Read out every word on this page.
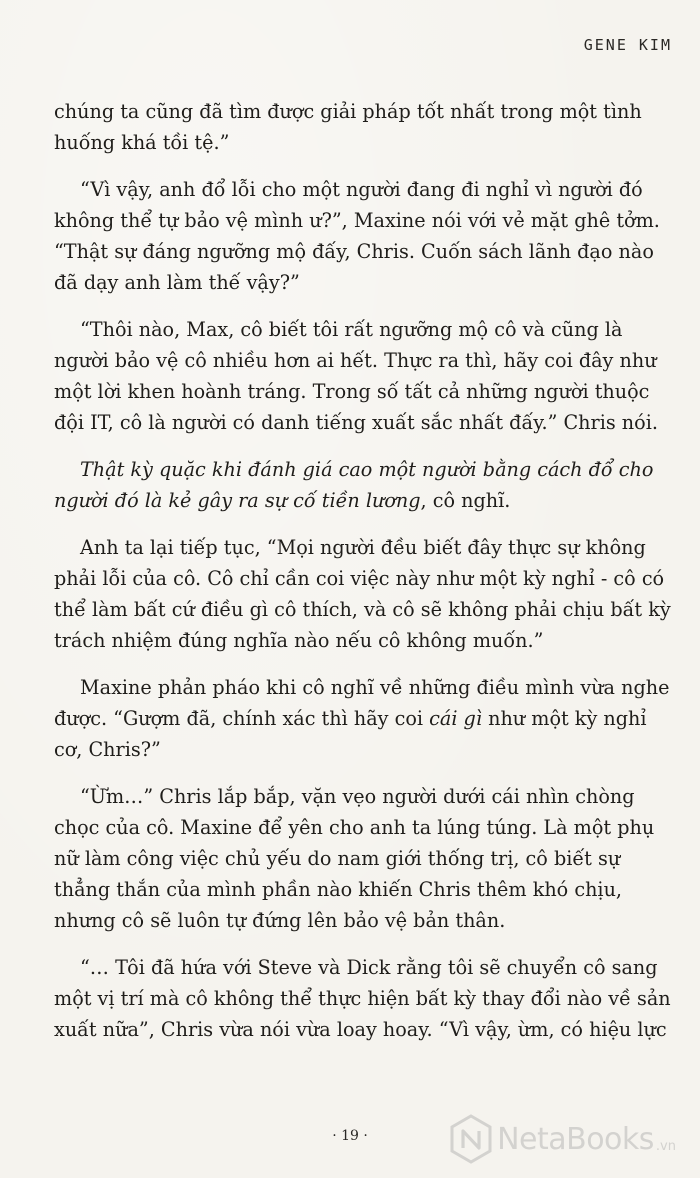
GENE KIM

chúng ta cũng đã tìm được giải pháp tốt nhất trong một tình huống khá tồi tệ.”

“Vì vậy, anh đổ lỗi cho một người đang đi nghỉ vì người đó không thể tự bảo vệ mình ư?”, Maxine nói với vẻ mặt ghê tởm. “Thật sự đáng ngưỡng mộ đấy, Chris. Cuốn sách lãnh đạo nào đã dạy anh làm thế vậy?”

“Thôi nào, Max, cô biết tôi rất ngưỡng mộ cô và cũng là người bảo vệ cô nhiều hơn ai hết. Thực ra thì, hãy coi đây như một lời khen hoành tráng. Trong số tất cả những người thuộc đội IT, cô là người có danh tiếng xuất sắc nhất đấy.” Chris nói.

Thật kỳ quặc khi đánh giá cao một người bằng cách đổ cho người đó là kẻ gây ra sự cố tiền lương, cô nghĩ.

Anh ta lại tiếp tục, “Mọi người đều biết đây thực sự không phải lỗi của cô. Cô chỉ cần coi việc này như một kỳ nghỉ - cô có thể làm bất cứ điều gì cô thích, và cô sẽ không phải chịu bất kỳ trách nhiệm đúng nghĩa nào nếu cô không muốn.”

Maxine phản pháo khi cô nghĩ về những điều mình vừa nghe được. “Gượm đã, chính xác thì hãy coi cái gì như một kỳ nghỉ cơ, Chris?”

“Ừm…” Chris lắp bắp, vặn vẹo người dưới cái nhìn chòng chọc của cô. Maxine để yên cho anh ta lúng túng. Là một phụ nữ làm công việc chủ yếu do nam giới thống trị, cô biết sự thẳng thắn của mình phần nào khiến Chris thêm khó chịu, nhưng cô sẽ luôn tự đứng lên bảo vệ bản thân.

“… Tôi đã hứa với Steve và Dick rằng tôi sẽ chuyển cô sang một vị trí mà cô không thể thực hiện bất kỳ thay đổi nào về sản xuất nữa”, Chris vừa nói vừa loay hoay. “Vì vậy, ừm, có hiệu lực

· 19 ·	NetaBooks .vn
